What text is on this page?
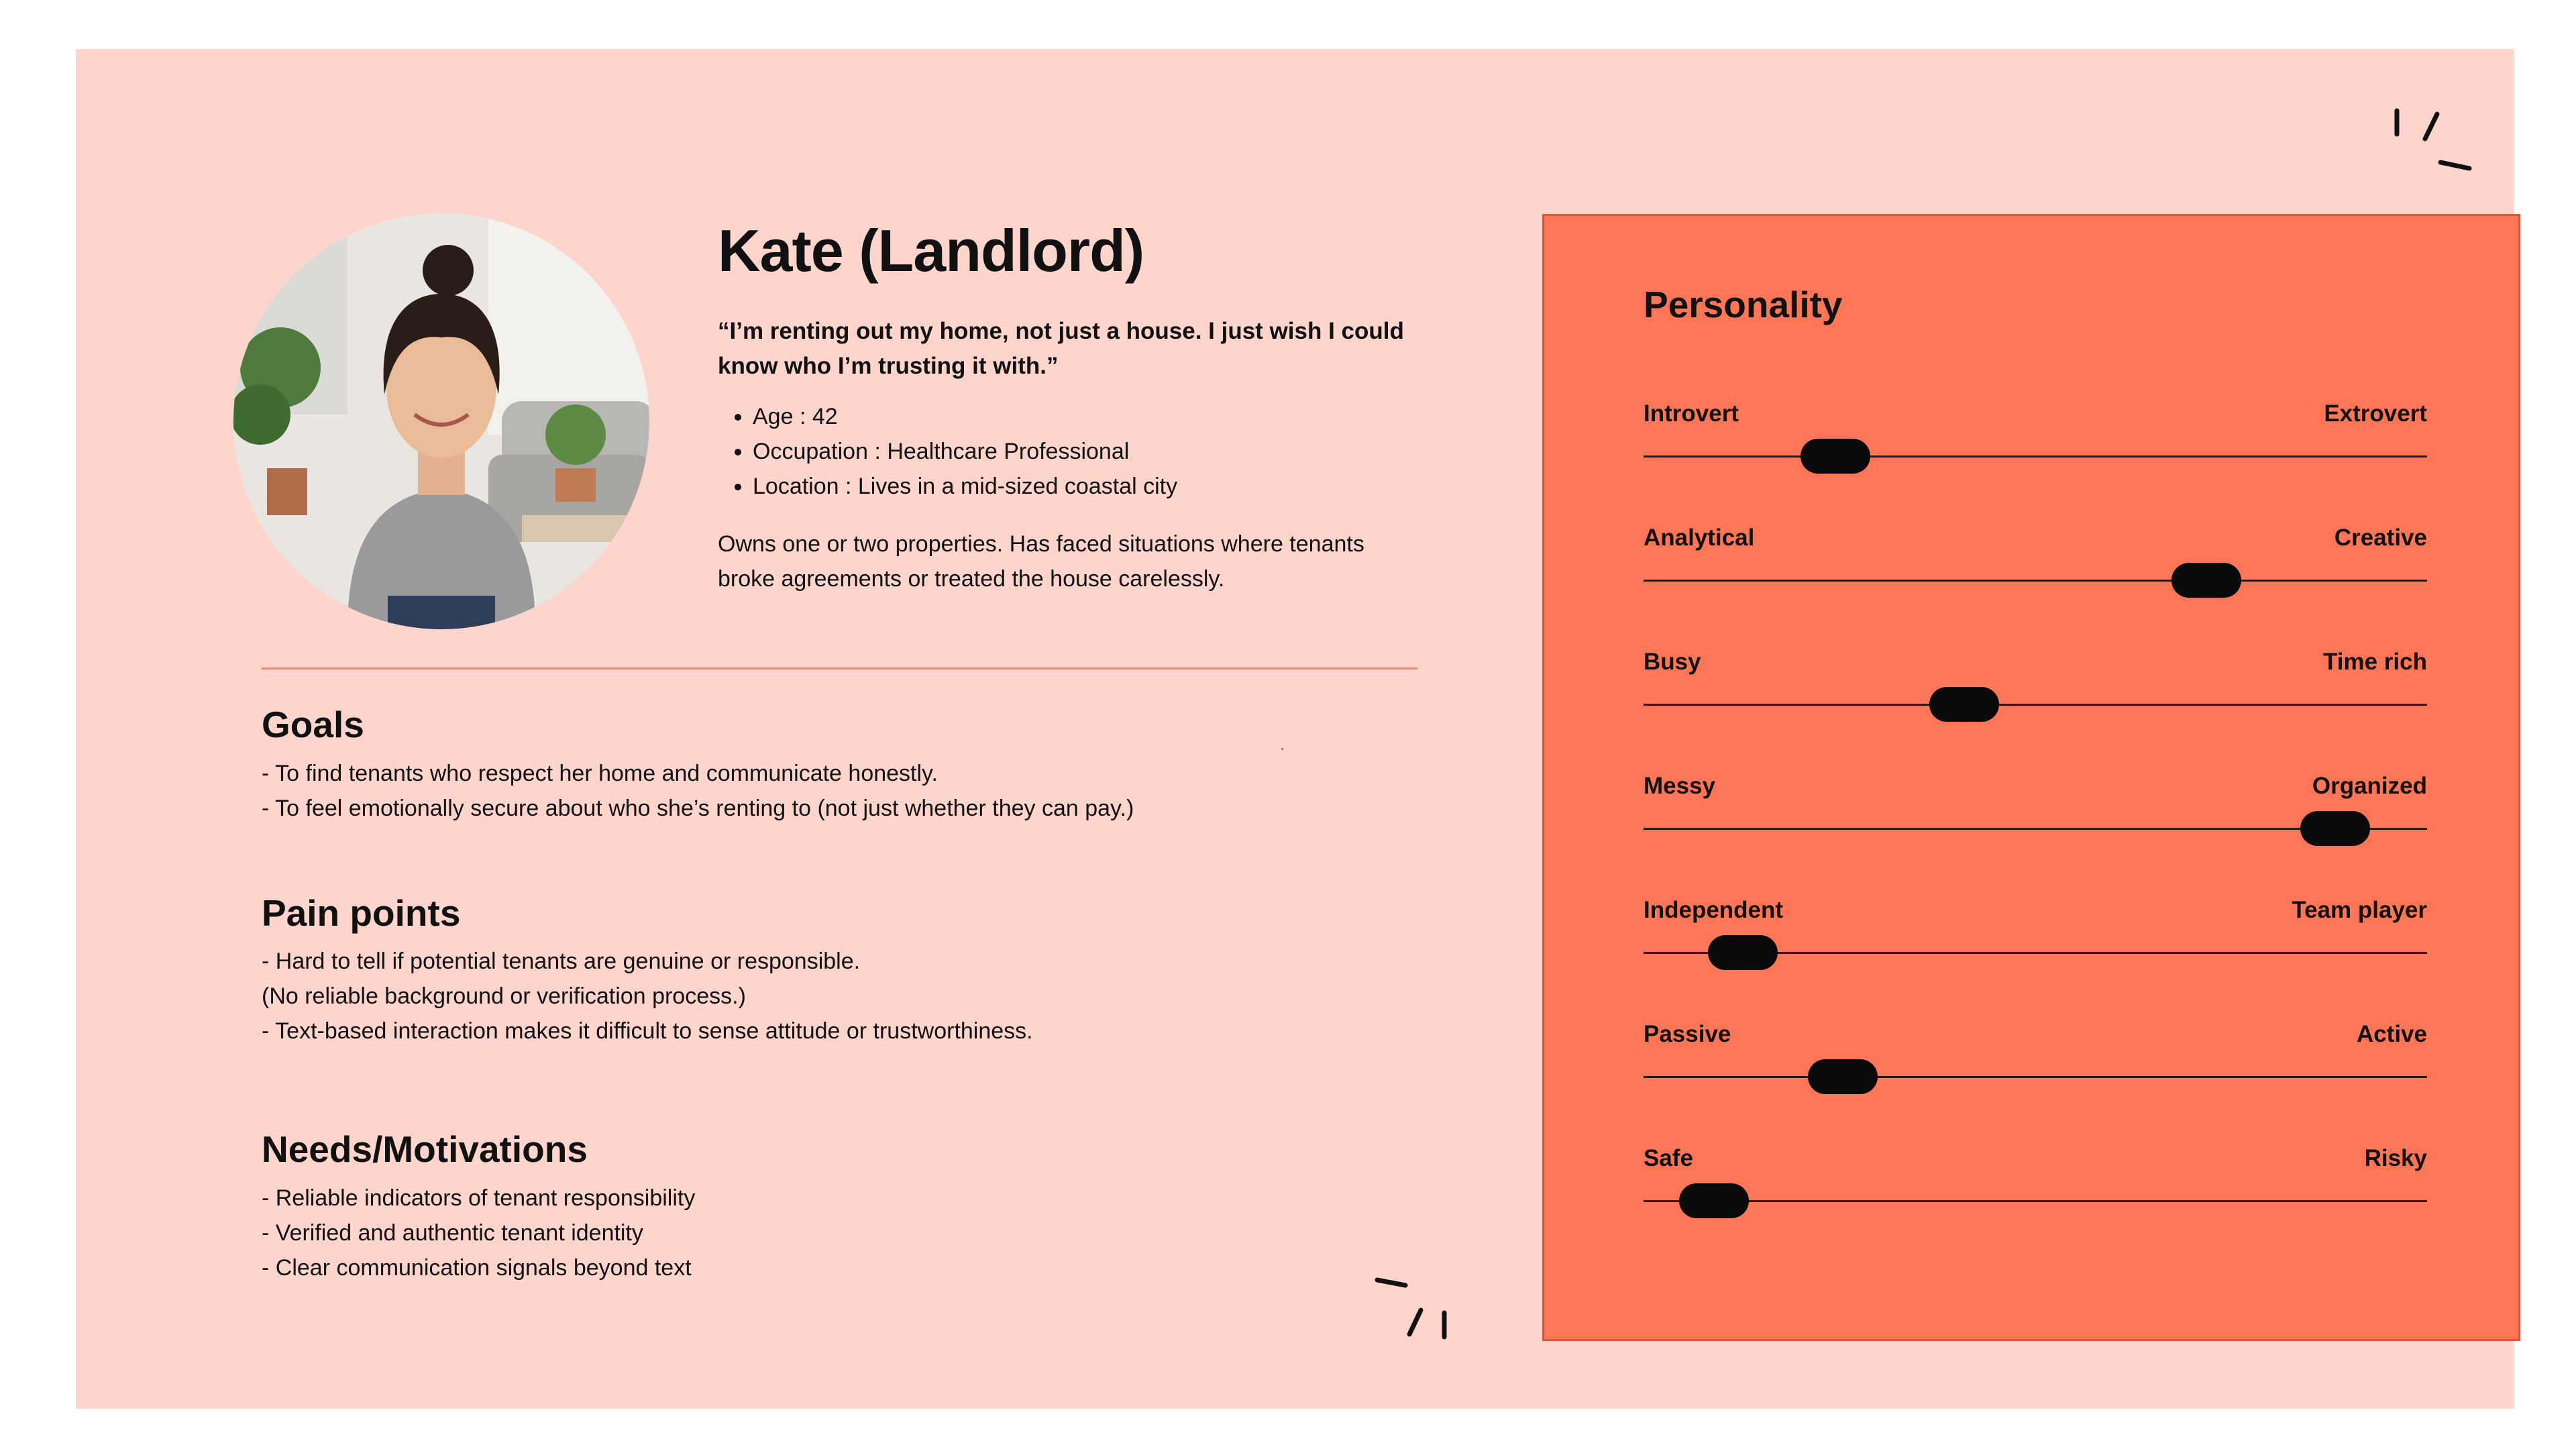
Kate (Landlord)

“I’m renting out my home, not just a house. I just wish I could know who I’m trusting it with.”

• Age : 42
• Occupation : Healthcare Professional
• Location : Lives in a mid-sized coastal city

Owns one or two properties. Has faced situations where tenants broke agreements or treated the house carelessly.

Goals

- To find tenants who respect her home and communicate honestly.
- To feel emotionally secure about who she’s renting to (not just whether they can pay.)

Pain points

- Hard to tell if potential tenants are genuine or responsible.
(No reliable background or verification process.)
- Text-based interaction makes it difficult to sense attitude or trustworthiness.

Needs/Motivations

- Reliable indicators of tenant responsibility
- Verified and authentic tenant identity
- Clear communication signals beyond text

Personality
Introvert	Extrovert
Analytical	Creative
Busy	Time rich
Messy	Organized
Independent	Team player
Passive	Active
Safe	Risky
